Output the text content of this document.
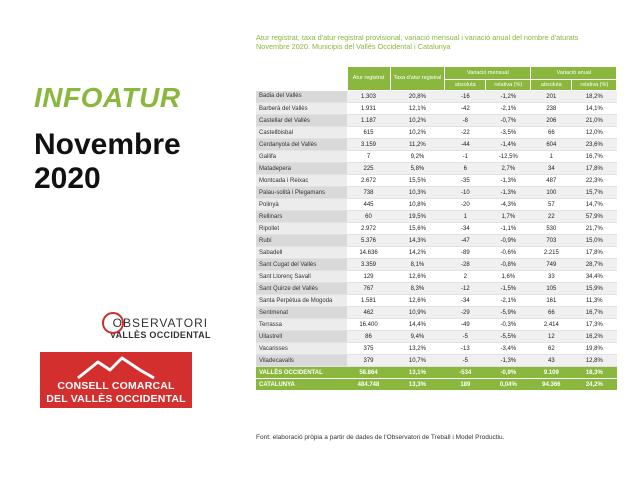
INFOATUR
Novembre
2020
OBSERVATORI
VALLÈS OCCIDENTAL
CONSELL COMARCAL
DEL VALLÈS OCCIDENTAL
Atur registrat, taxa d'atur registral provisional, variació mensual i variació anual del nombre d'aturats
Novembre 2020. Municipis del Vallès Occidental i Catalunya
	Atur registrat	Taxa d'atur registral	Variació mensual		Variació anual	
			absoluta	relativa (%)	absoluta	relativa (%)
Badia del Vallès	1.303	20,8%	-16	-1,2%	201	18,2%
Barberà del Vallès	1.931	12,1%	-42	-2,1%	238	14,1%
Castellar del Vallès	1.187	10,2%	-8	-0,7%	206	21,0%
Castellbisbal	615	10,2%	-22	-3,5%	66	12,0%
Cerdanyola del Vallès	3.159	11,2%	-44	-1,4%	604	23,6%
Gallifa	7	9,2%	-1	-12,5%	1	16,7%
Matadepera	225	5,8%	6	2,7%	34	17,8%
Montcada i Reixac	2.672	15,5%	-35	-1,3%	487	22,3%
Palau-solità i Plegamans	738	10,3%	-10	-1,3%	100	15,7%
Polinyà	445	10,8%	-20	-4,3%	57	14,7%
Rellinars	60	19,5%	1	1,7%	22	57,9%
Ripollet	2.972	15,6%	-34	-1,1%	530	21,7%
Rubí	5.376	14,3%	-47	-0,9%	703	15,0%
Sabadell	14.636	14,2%	-89	-0,6%	2.215	17,8%
Sant Cugat del Vallès	3.359	8,1%	-28	-0,8%	749	28,7%
Sant Llorenç Savall	129	12,6%	2	1,6%	33	34,4%
Sant Quirze del Vallès	767	8,3%	-12	-1,5%	105	15,9%
Santa Perpètua de Mogoda	1.581	12,6%	-34	-2,1%	161	11,3%
Sentmenat	462	10,9%	-29	-5,9%	66	16,7%
Terrassa	16.400	14,4%	-49	-0,3%	2.414	17,3%
Ullastrell	86	9,4%	-5	-5,5%	12	16,2%
Vacarisses	375	13,2%	-13	-3,4%	62	19,8%
Viladecavalls	379	10,7%	-5	-1,3%	43	12,8%
VALLÈS OCCIDENTAL	58.864	13,1%	-534	-0,9%	9.109	18,3%
CATALUNYA	484.748	13,3%	189	0,04%	94.366	24,2%
Font: elaboració pròpia a partir de dades de l'Observatori de Treball i Model Productiu.
